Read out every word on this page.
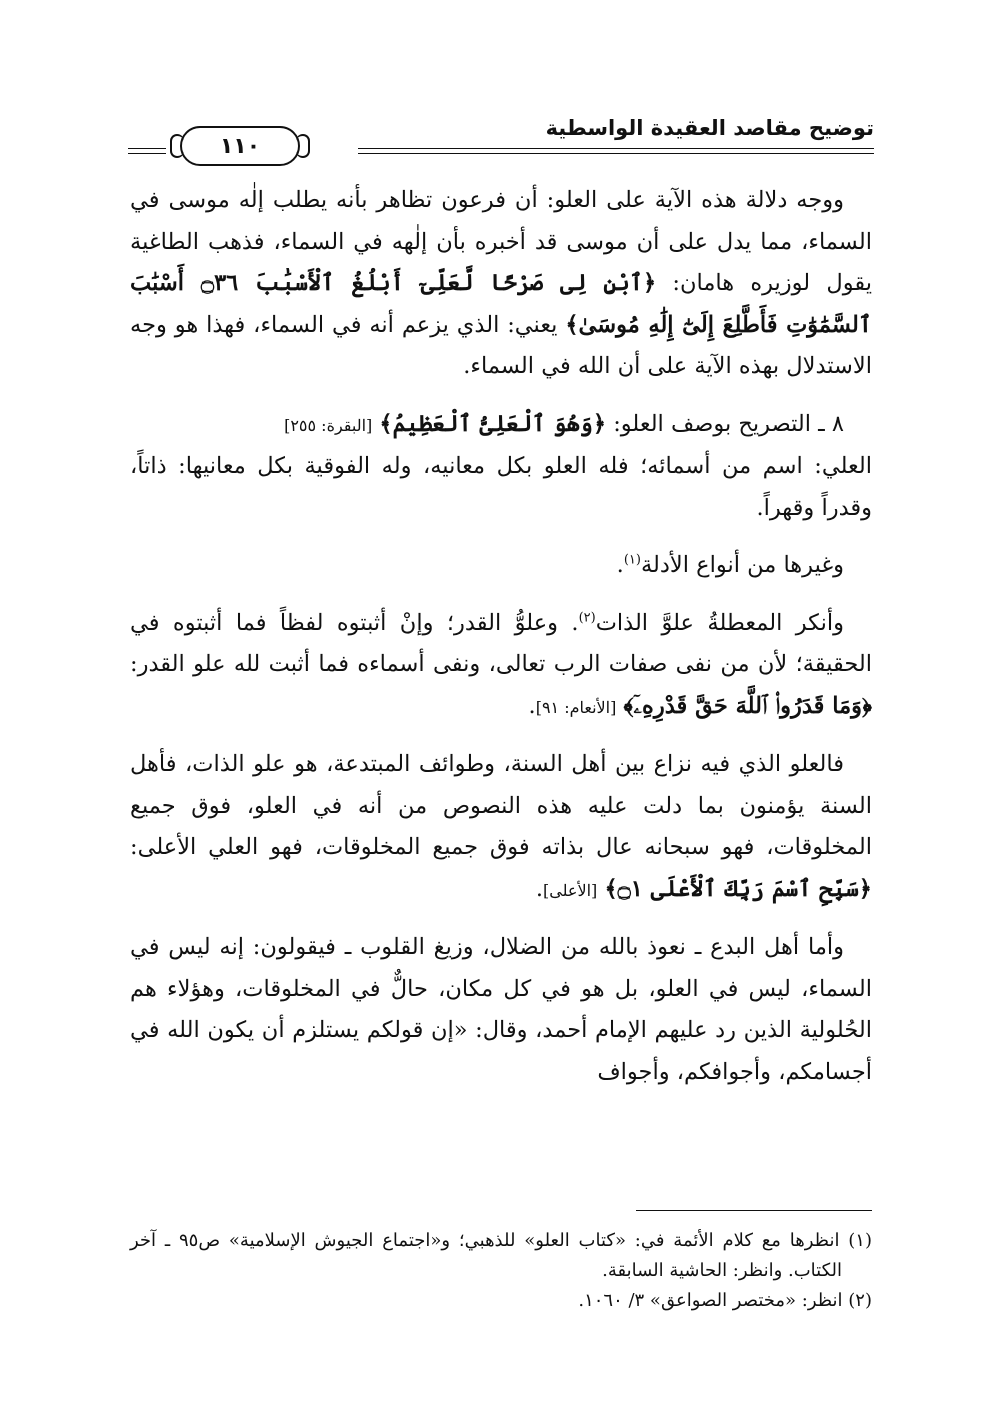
توضيح مقاصد العقيدة الواسطية
١١٠

ووجه دلالة هذه الآية على العلو: أن فرعون تظاهر بأنه يطلب إلٰه موسى في السماء، مما يدل على أن موسى قد أخبره بأن إلٰهه في السماء، فذهب الطاغية يقول لوزيره هامان: ﴿ٱبْنِ لِى صَرْحًا لَّعَلِّىٓ أَبْلُغُ ٱلْأَسْبَٰبَ ۝٣٦ أَسْبَٰبَ ٱلسَّمَٰوَٰتِ فَأَطَّلِعَ إِلَىٰٓ إِلَٰهِ مُوسَىٰ﴾ يعني: الذي يزعم أنه في السماء، فهذا هو وجه الاستدلال بهذه الآية على أن الله في السماء.

٨ ـ التصريح بوصف العلو: ﴿وَهُوَ ٱلْعَلِىُّ ٱلْعَظِيمُ﴾ [البقرة: ٢٥٥]
العلي: اسم من أسمائه؛ فله العلو بكل معانيه، وله الفوقية بكل معانيها: ذاتاً، وقدراً وقهراً.

وغيرها من أنواع الأدلة$^{(١)}$.

وأنكر المعطلةُ علوَّ الذات$^{(٢)}$. وعلوُّ القدر؛ وإنْ أثبتوه لفظاً فما أثبتوه في الحقيقة؛ لأن من نفى صفات الرب تعالى، ونفى أسماءه فما أثبت لله علو القدر: ﴿وَمَا قَدَرُوا۟ ٱللَّهَ حَقَّ قَدْرِهِۦٓ﴾ [الأنعام: ٩١].

فالعلو الذي فيه نزاع بين أهل السنة، وطوائف المبتدعة، هو علو الذات، فأهل السنة يؤمنون بما دلت عليه هذه النصوص من أنه في العلو، فوق جميع المخلوقات، فهو سبحانه عال بذاته فوق جميع المخلوقات، فهو العلي الأعلى: ﴿سَبِّحِ ٱسْمَ رَبِّكَ ٱلْأَعْلَى ۝١﴾ [الأعلى].

وأما أهل البدع ـ نعوذ بالله من الضلال، وزيغ القلوب ـ فيقولون: إنه ليس في السماء، ليس في العلو، بل هو في كل مكان، حالٌّ في المخلوقات، وهؤلاء هم الحُلولية الذين رد عليهم الإمام أحمد، وقال: «إن قولكم يستلزم أن يكون الله في أجسامكم، وأجوافكم، وأجواف

(١) انظرها مع كلام الأئمة في: «كتاب العلو» للذهبي؛ و«اجتماع الجيوش الإسلامية» ص٩٥ ـ آخر الكتاب. وانظر: الحاشية السابقة.

(٢) انظر: «مختصر الصواعق» ٣/ ١٠٦٠.
